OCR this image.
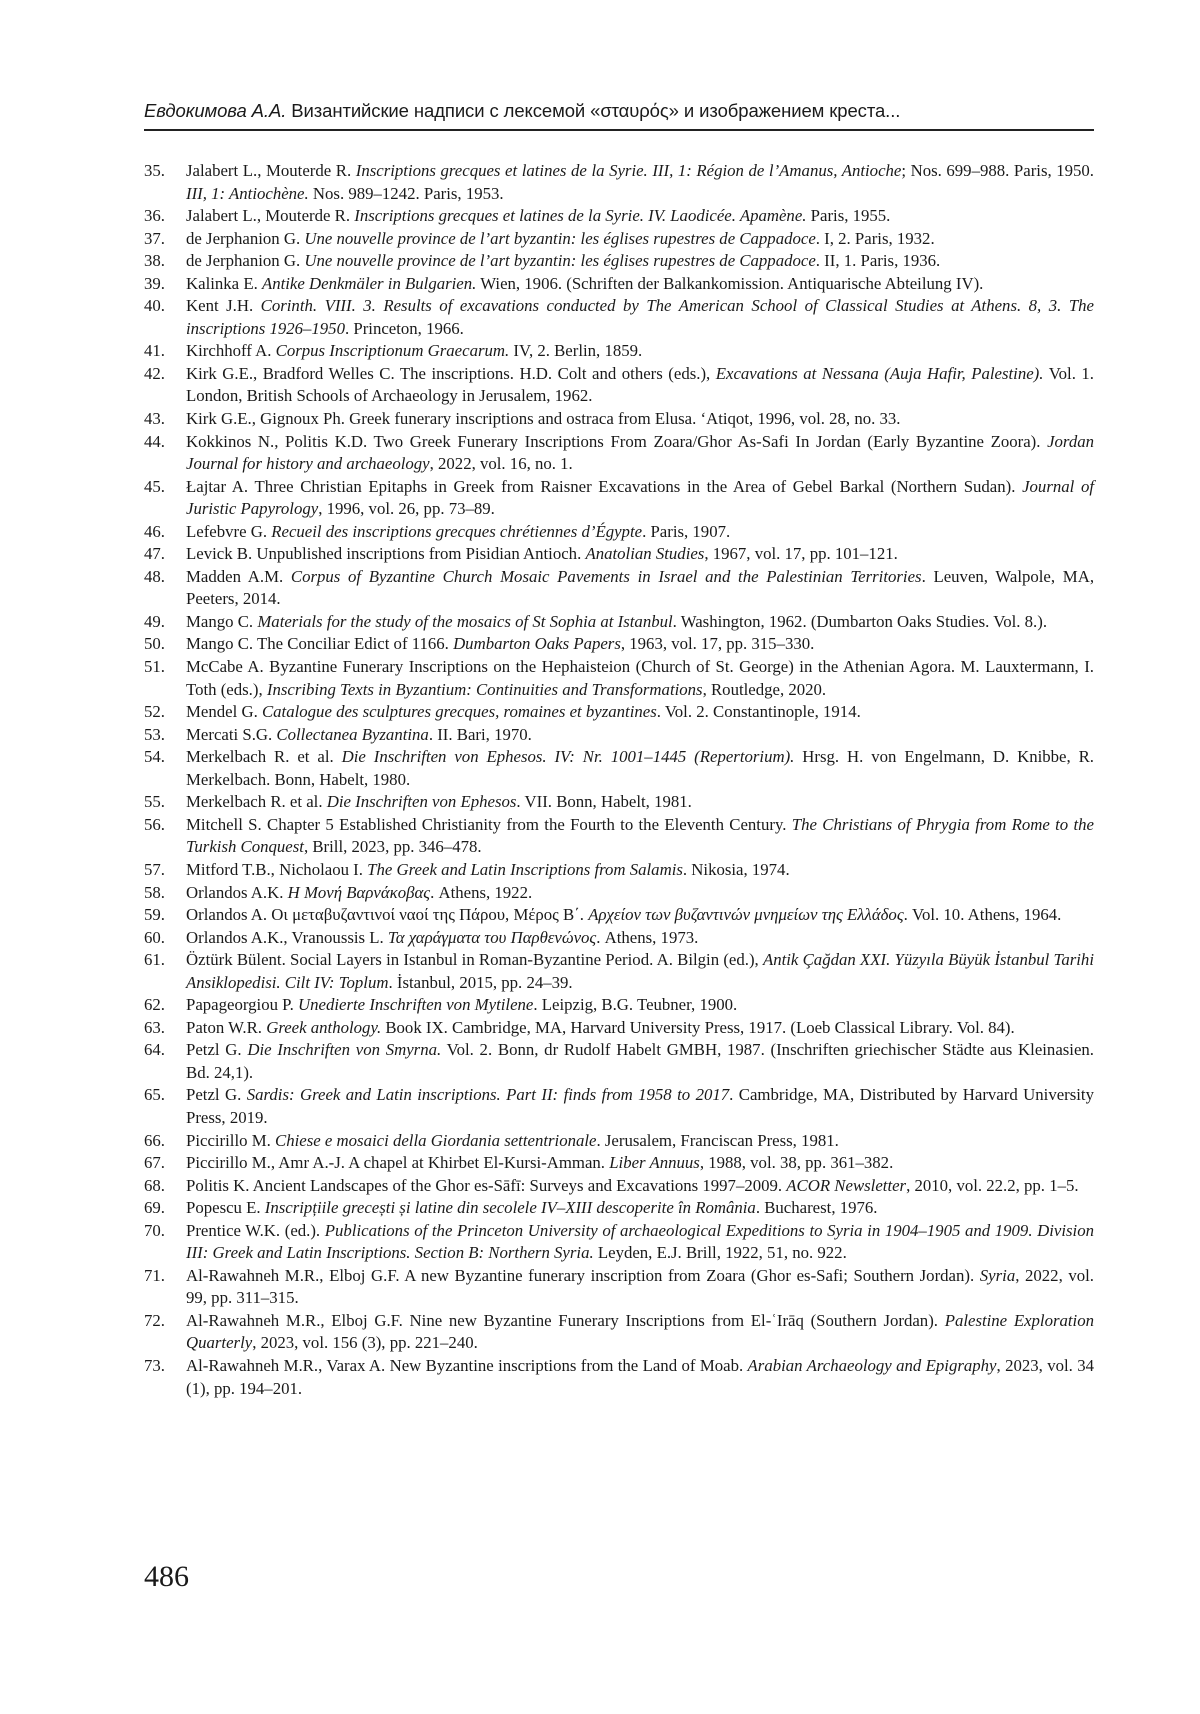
Евдокимова А.А. Византийские надписи с лексемой «σταυρός» и изображением креста...
35.	Jalabert L., Mouterde R. Inscriptions grecques et latines de la Syrie. III, 1: Région de l’Amanus, Antioche; Nos. 699–988. Paris, 1950. III, 1: Antiochène. Nos. 989–1242. Paris, 1953.
36.	Jalabert L., Mouterde R. Inscriptions grecques et latines de la Syrie. IV. Laodicée. Apamène. Paris, 1955.
37.	de Jerphanion G. Une nouvelle province de l’art byzantin: les églises rupestres de Cappadoce. I, 2. Paris, 1932.
38.	de Jerphanion G. Une nouvelle province de l’art byzantin: les églises rupestres de Cappadoce. II, 1. Paris, 1936.
39.	Kalinka E. Antike Denkmäler in Bulgarien. Wien, 1906. (Schriften der Balkankomission. Antiquarische Abteilung IV).
40.	Kent J.H. Corinth. VIII. 3. Results of excavations conducted by The American School of Classical Studies at Athens. 8, 3. The inscriptions 1926–1950. Princeton, 1966.
41.	Kirchhoff A. Corpus Inscriptionum Graecarum. IV, 2. Berlin, 1859.
42.	Kirk G.E., Bradford Welles C. The inscriptions. H.D. Colt and others (eds.), Excavations at Nessana (Auja Hafir, Palestine). Vol. 1. London, British Schools of Archaeology in Jerusalem, 1962.
43.	Kirk G.E., Gignoux Ph. Greek funerary inscriptions and ostraca from Elusa. ‘Atiqot, 1996, vol. 28, no. 33.
44.	Kokkinos N., Politis K.D. Two Greek Funerary Inscriptions From Zoara/Ghor As-Safi In Jordan (Early Byzantine Zoora). Jordan Journal for history and archaeology, 2022, vol. 16, no. 1.
45.	Łajtar A. Three Christian Epitaphs in Greek from Raisner Excavations in the Area of Gebel Barkal (Northern Sudan). Journal of Juristic Papyrology, 1996, vol. 26, pp. 73–89.
46.	Lefebvre G. Recueil des inscriptions grecques chrétiennes d’Égypte. Paris, 1907.
47.	Levick B. Unpublished inscriptions from Pisidian Antioch. Anatolian Studies, 1967, vol. 17, pp. 101–121.
48.	Madden A.M. Corpus of Byzantine Church Mosaic Pavements in Israel and the Palestinian Territories. Leuven, Walpole, MA, Peeters, 2014.
49.	Mango C. Materials for the study of the mosaics of St Sophia at Istanbul. Washington, 1962. (Dumbarton Oaks Studies. Vol. 8.).
50.	Mango C. The Conciliar Edict of 1166. Dumbarton Oaks Papers, 1963, vol. 17, pp. 315–330.
51.	McCabe A. Byzantine Funerary Inscriptions on the Hephaisteion (Church of St. George) in the Athenian Agora. M. Lauxtermann, I. Toth (eds.), Inscribing Texts in Byzantium: Continuities and Transformations, Routledge, 2020.
52.	Mendel G. Catalogue des sculptures grecques, romaines et byzantines. Vol. 2. Constantinople, 1914.
53.	Mercati S.G. Collectanea Byzantina. II. Bari, 1970.
54.	Merkelbach R. et al. Die Inschriften von Ephesos. IV: Nr. 1001–1445 (Repertorium). Hrsg. H. von Engelmann, D. Knibbe, R. Merkelbach. Bonn, Habelt, 1980.
55.	Merkelbach R. et al. Die Inschriften von Ephesos. VII. Bonn, Habelt, 1981.
56.	Mitchell S. Chapter 5 Established Christianity from the Fourth to the Eleventh Century. The Christians of Phrygia from Rome to the Turkish Conquest, Brill, 2023, pp. 346–478.
57.	Mitford T.B., Nicholaou I. The Greek and Latin Inscriptions from Salamis. Nikosia, 1974.
58.	Orlandos A.K. Η Μονή Βαρνάκοβας. Athens, 1922.
59.	Orlandos A. Οι μεταβυζαντινοί ναοί της Πάρου, Μέρος Β΄. Αρχείον των βυζαντινών μνημείων της Ελλάδος. Vol. 10. Athens, 1964.
60.	Orlandos A.K., Vranoussis L. Τα χαράγματα του Παρθενώνος. Athens, 1973.
61.	Öztürk Bülent. Social Layers in Istanbul in Roman-Byzantine Period. A. Bilgin (ed.), Antik Çağdan XXI. Yüzyıla Büyük İstanbul Tarihi Ansiklopedisi. Cilt IV: Toplum. İstanbul, 2015, pp. 24–39.
62.	Papageorgiou P. Unedierte Inschriften von Mytilene. Leipzig, B.G. Teubner, 1900.
63.	Paton W.R. Greek anthology. Book IX. Cambridge, MA, Harvard University Press, 1917. (Loeb Classical Library. Vol. 84).
64.	Petzl G. Die Inschriften von Smyrna. Vol. 2. Bonn, dr Rudolf Habelt GMBH, 1987. (Inschriften griechischer Städte aus Kleinasien. Bd. 24,1).
65.	Petzl G. Sardis: Greek and Latin inscriptions. Part II: finds from 1958 to 2017. Cambridge, MA, Distributed by Harvard University Press, 2019.
66.	Piccirillo M. Chiese e mosaici della Giordania settentrionale. Jerusalem, Franciscan Press, 1981.
67.	Piccirillo M., Amr A.-J. A chapel at Khirbet El-Kursi-Amman. Liber Annuus, 1988, vol. 38, pp. 361–382.
68.	Politis K. Ancient Landscapes of the Ghor es-Sāfī: Surveys and Excavations 1997–2009. ACOR Newsletter, 2010, vol. 22.2, pp. 1–5.
69.	Popescu E. Inscripțiile grecești și latine din secolele IV–XIII descoperite în România. Bucharest, 1976.
70.	Prentice W.K. (ed.). Publications of the Princeton University of archaeological Expeditions to Syria in 1904–1905 and 1909. Division III: Greek and Latin Inscriptions. Section B: Northern Syria. Leyden, E.J. Brill, 1922, 51, no. 922.
71.	Al-Rawahneh M.R., Elboj G.F. A new Byzantine funerary inscription from Zoara (Ghor es-Safi; Southern Jordan). Syria, 2022, vol. 99, pp. 311–315.
72.	Al-Rawahneh M.R., Elboj G.F. Nine new Byzantine Funerary Inscriptions from El-ʿIrāq (Southern Jordan). Palestine Exploration Quarterly, 2023, vol. 156 (3), pp. 221–240.
73.	Al-Rawahneh M.R., Varax A. New Byzantine inscriptions from the Land of Moab. Arabian Archaeology and Epigraphy, 2023, vol. 34 (1), pp. 194–201.
486
